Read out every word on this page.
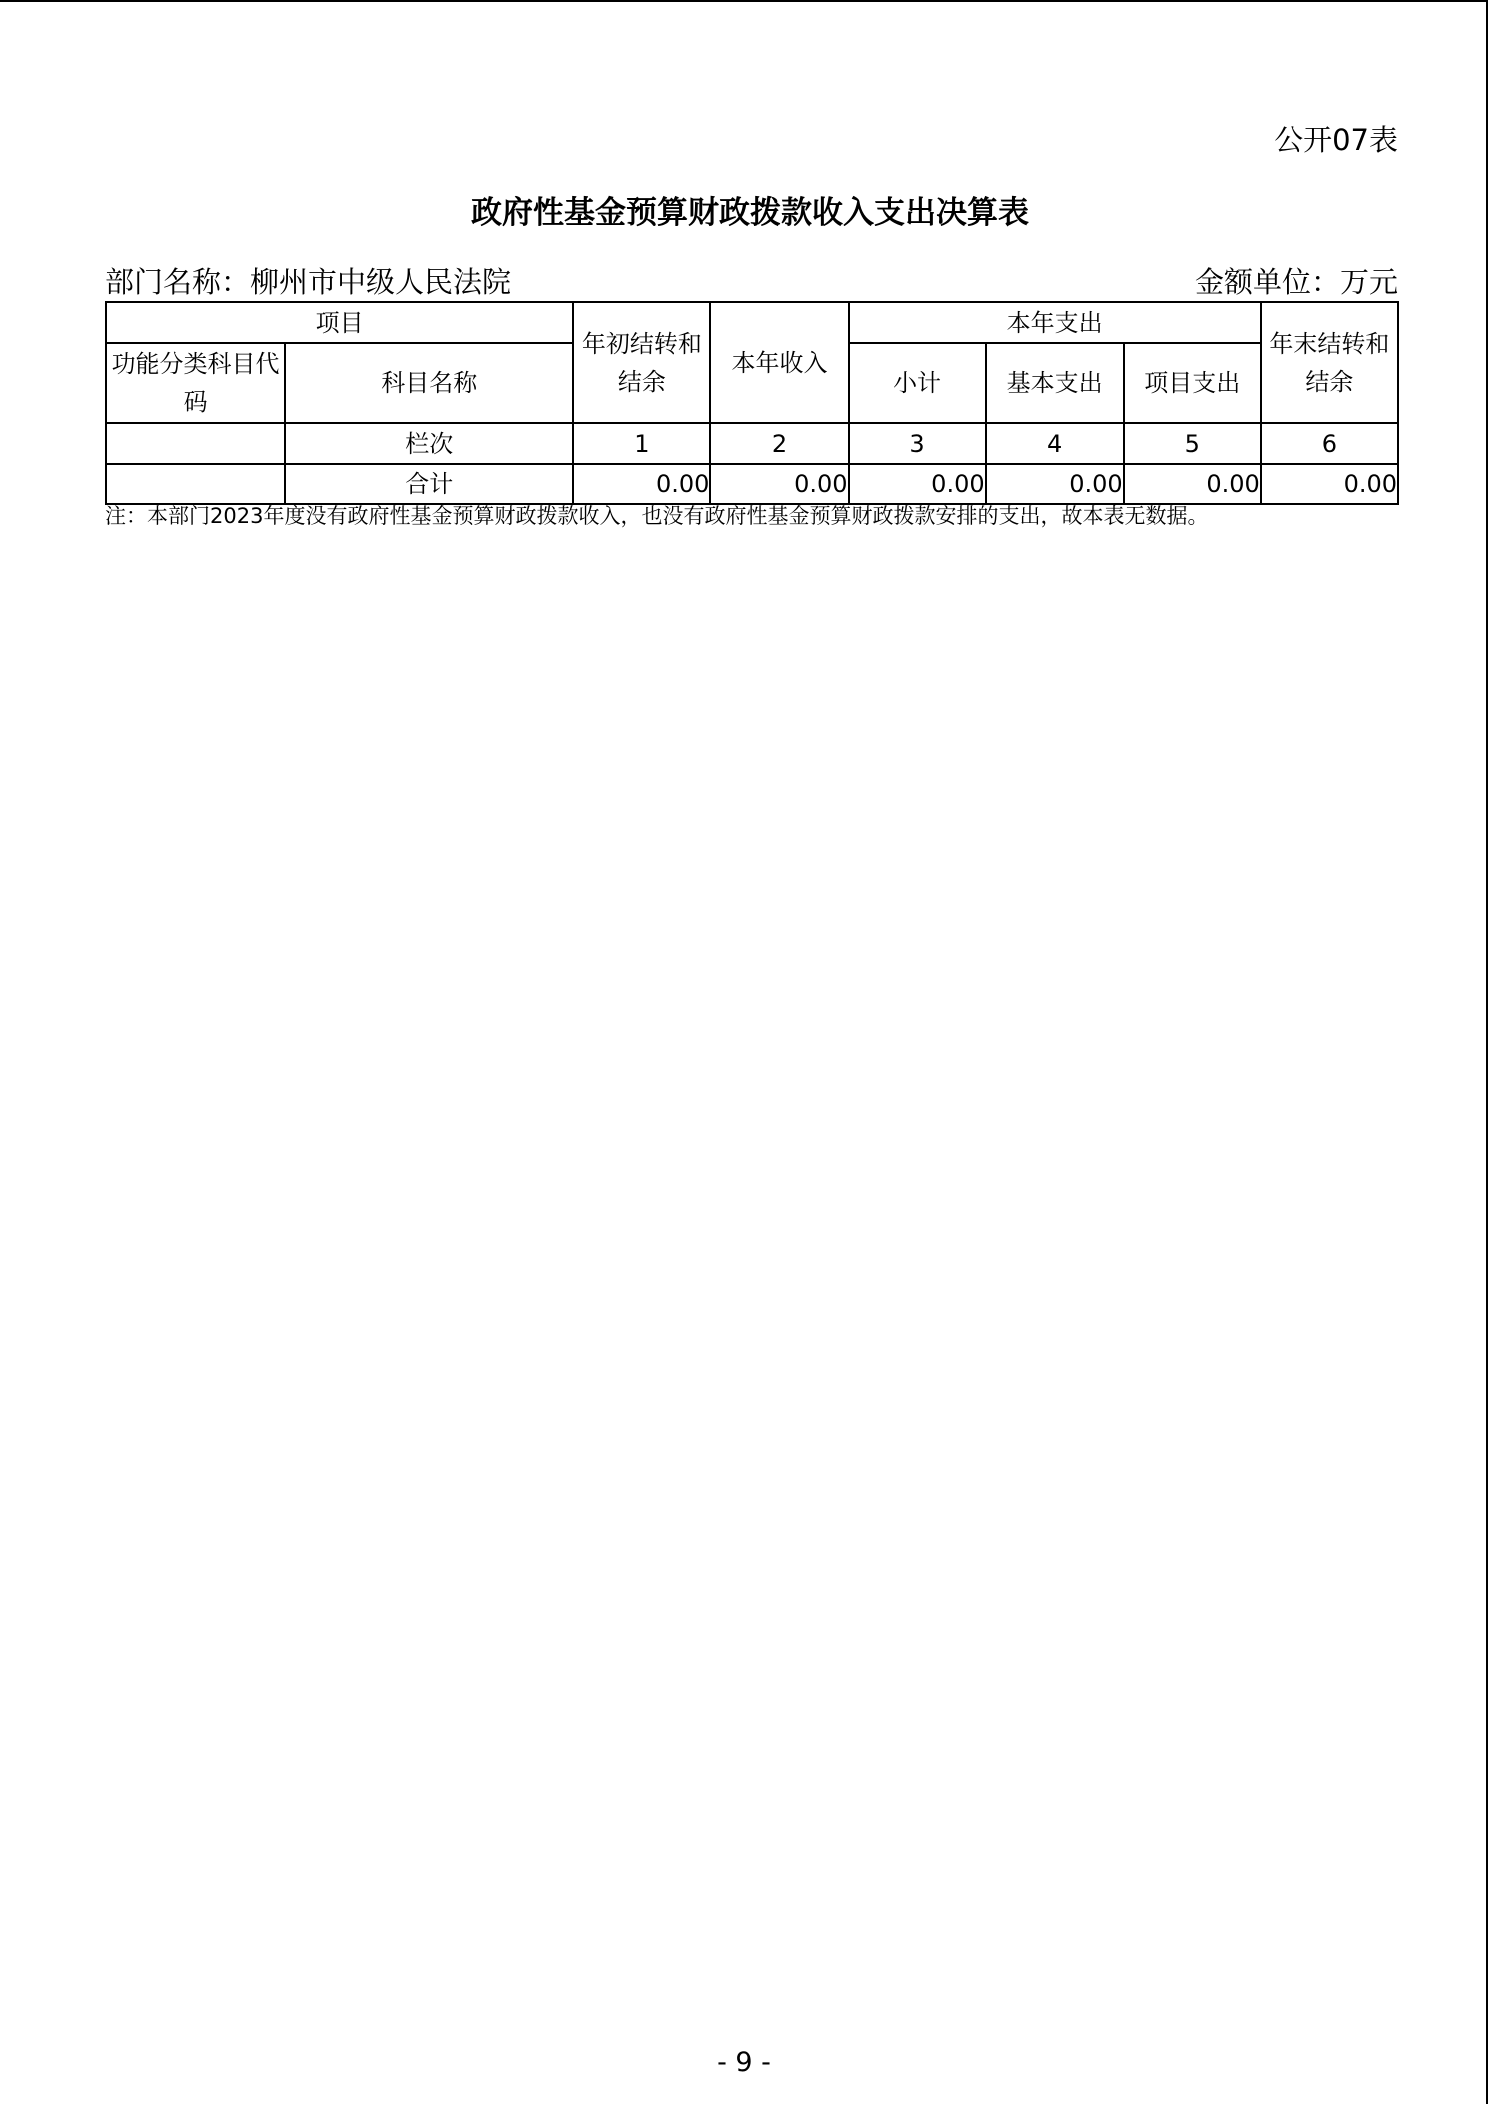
公开07表
政府性基金预算财政拨款收入支出决算表
部门名称：柳州市中级人民法院	金额单位：万元
项目		年初结转和结余	本年收入	本年支出			年末结转和结余
功能分类科目代码	科目名称			小计	基本支出	项目支出	
	栏次	1	2	3	4	5	6
	合计	0.00	0.00	0.00	0.00	0.00	0.00
注：本部门2023年度没有政府性基金预算财政拨款收入，也没有政府性基金预算财政拨款安排的支出，故本表无数据。
- 9 -
